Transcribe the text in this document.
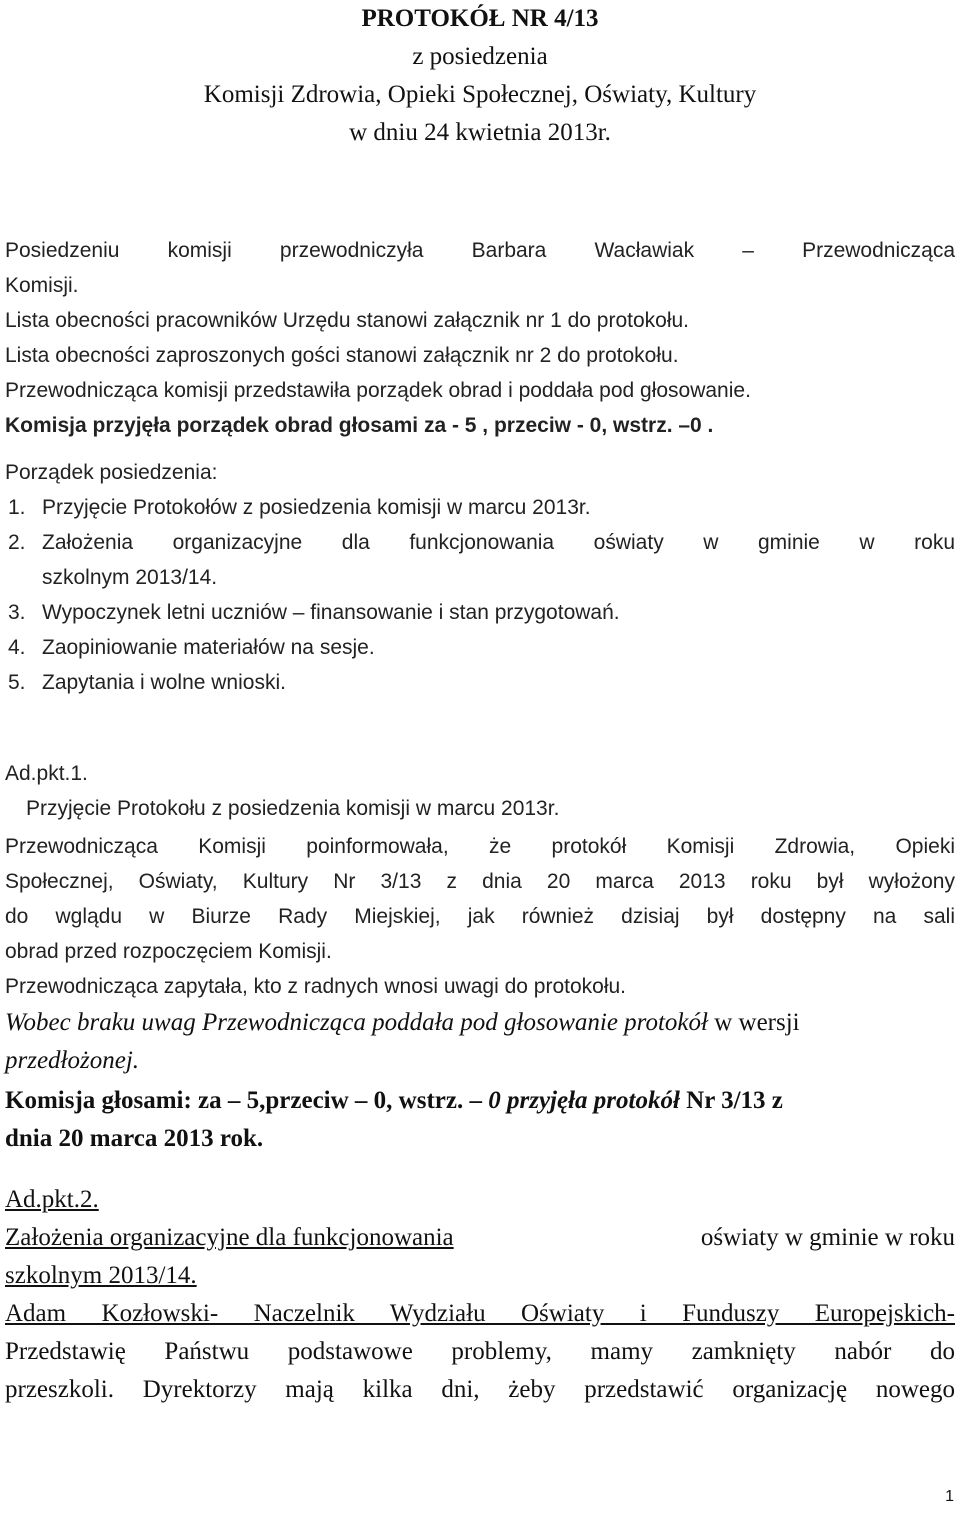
PROTOKÓŁ NR 4/13
z posiedzenia
Komisji Zdrowia, Opieki Społecznej, Oświaty, Kultury
w dniu 24 kwietnia 2013r.
Posiedzeniu komisji przewodniczyła Barbara Wacławiak – Przewodnicząca
Komisji.
Lista obecności pracowników Urzędu stanowi załącznik nr 1 do protokołu.
Lista obecności zaproszonych gości stanowi załącznik nr 2 do protokołu.
Przewodnicząca komisji przedstawiła porządek obrad i poddała pod głosowanie.
Komisja przyjęła porządek obrad głosami za - 5 , przeciw - 0, wstrz. –0 .
Porządek posiedzenia:
1. Przyjęcie Protokołów z posiedzenia komisji w marcu 2013r.
2. Założenia organizacyjne dla funkcjonowania oświaty w gminie w roku
szkolnym 2013/14.
3. Wypoczynek letni uczniów – finansowanie i stan przygotowań.
4. Zaopiniowanie materiałów na sesje.
5. Zapytania i wolne wnioski.
Ad.pkt.1.
Przyjęcie Protokołu z posiedzenia komisji w marcu 2013r.
Przewodnicząca Komisji poinformowała, że protokół Komisji Zdrowia, Opieki
Społecznej, Oświaty, Kultury Nr 3/13 z dnia 20 marca 2013 roku był wyłożony
do wglądu w Biurze Rady Miejskiej, jak również dzisiaj był dostępny na sali
obrad przed rozpoczęciem Komisji.
Przewodnicząca zapytała, kto z radnych wnosi uwagi do protokołu.
Wobec braku uwag Przewodnicząca poddała pod głosowanie protokół w wersji
przedłożonej.
Komisja głosami: za – 5,przeciw – 0, wstrz. – 0 przyjęła protokół Nr 3/13 z
dnia 20 marca 2013 rok.
Ad.pkt.2.
Założenia organizacyjne dla funkcjonowania	oświaty w gminie w roku
szkolnym 2013/14.
Adam Kozłowski- Naczelnik Wydziału Oświaty i Funduszy Europejskich-
Przedstawię Państwu podstawowe problemy, mamy zamknięty nabór do
przeszkoli. Dyrektorzy mają kilka dni, żeby przedstawić organizację nowego
1
